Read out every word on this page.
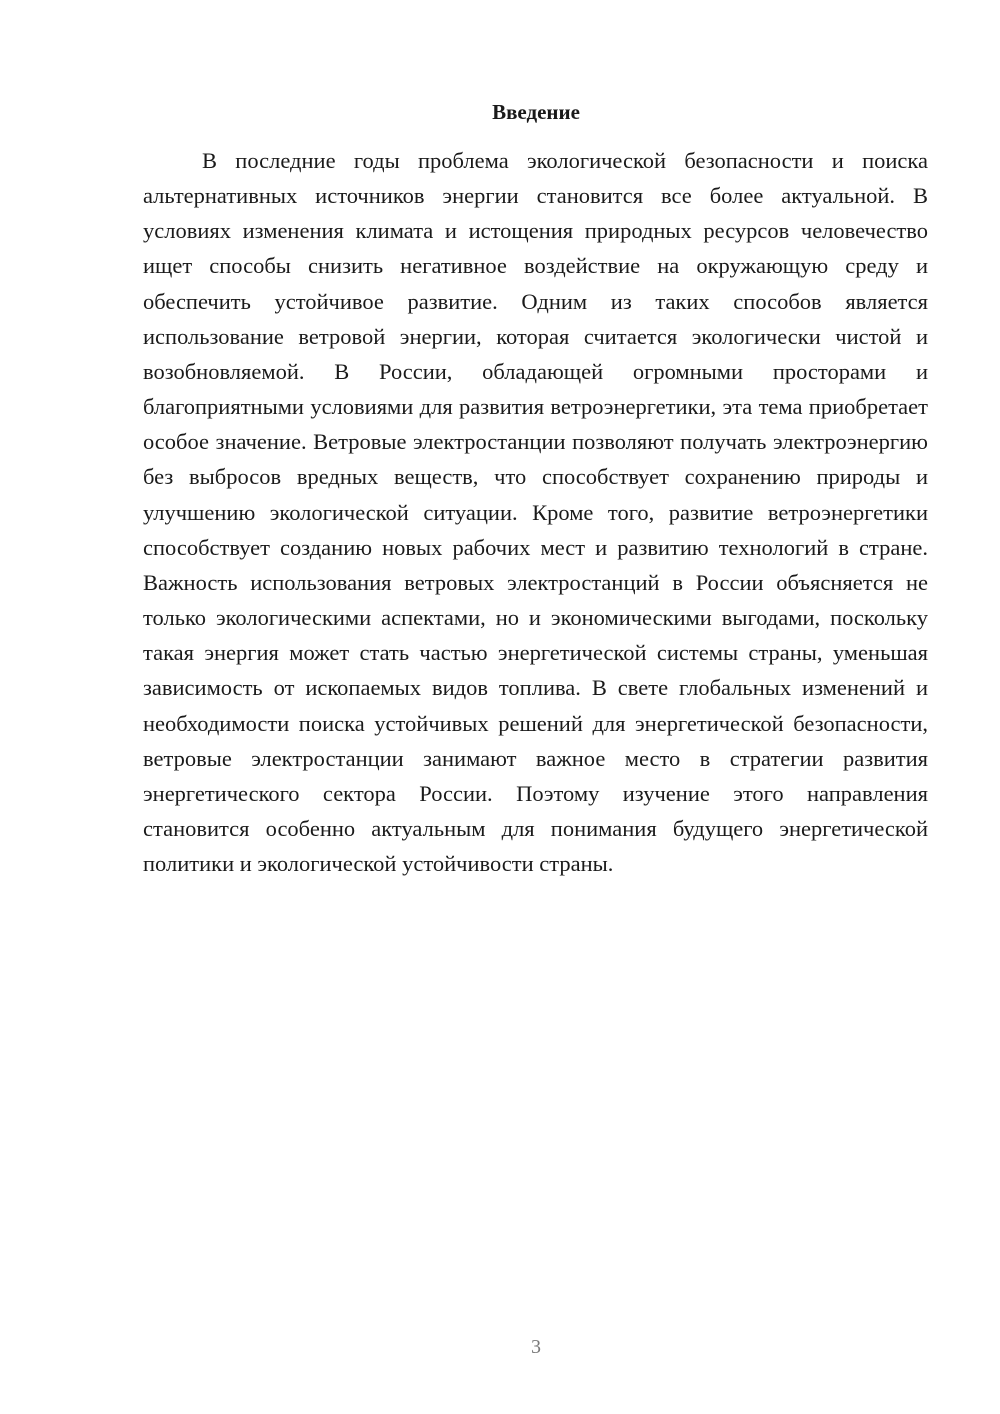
Введение

В последние годы проблема экологической безопасности и поиска альтернативных источников энергии становится все более актуальной. В условиях изменения климата и истощения природных ресурсов человечество ищет способы снизить негативное воздействие на окружающую среду и обеспечить устойчивое развитие. Одним из таких способов является использование ветровой энергии, которая считается экологически чистой и возобновляемой. В России, обладающей огромными просторами и благоприятными условиями для развития ветроэнергетики, эта тема приобретает особое значение. Ветровые электростанции позволяют получать электроэнергию без выбросов вредных веществ, что способствует сохранению природы и улучшению экологической ситуации. Кроме того, развитие ветроэнергетики способствует созданию новых рабочих мест и развитию технологий в стране. Важность использования ветровых электростанций в России объясняется не только экологическими аспектами, но и экономическими выгодами, поскольку такая энергия может стать частью энергетической системы страны, уменьшая зависимость от ископаемых видов топлива. В свете глобальных изменений и необходимости поиска устойчивых решений для энергетической безопасности, ветровые электростанции занимают важное место в стратегии развития энергетического сектора России. Поэтому изучение этого направления становится особенно актуальным для понимания будущего энергетической политики и экологической устойчивости страны.

3
